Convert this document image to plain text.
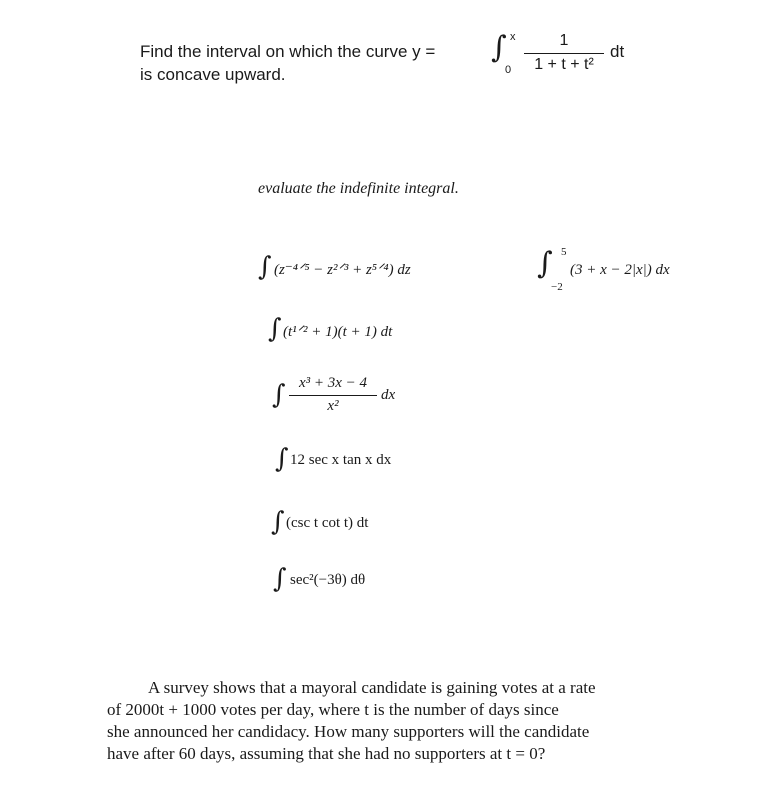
Find the interval on which the curve y = ∫ x
0
1
1 + t + t²
dt
is concave upward.
evaluate the indefinite integral.
∫ (z⁻⁴ᐟ⁵ − z²ᐟ³ + z⁵ᐟ⁴) dz	∫ 5
−2
(3 + x − 2|x|) dx
∫ (t¹ᐟ² + 1)(t + 1) dt
∫ x³ + 3x − 4
x²
dx
∫ 12 sec x tan x dx
∫ (csc t cot t) dt
∫ sec²(−3θ) dθ
A survey shows that a mayoral candidate is gaining votes at a rate
of 2000t + 1000 votes per day, where t is the number of days since
she announced her candidacy. How many supporters will the candidate
have after 60 days, assuming that she had no supporters at t = 0?
